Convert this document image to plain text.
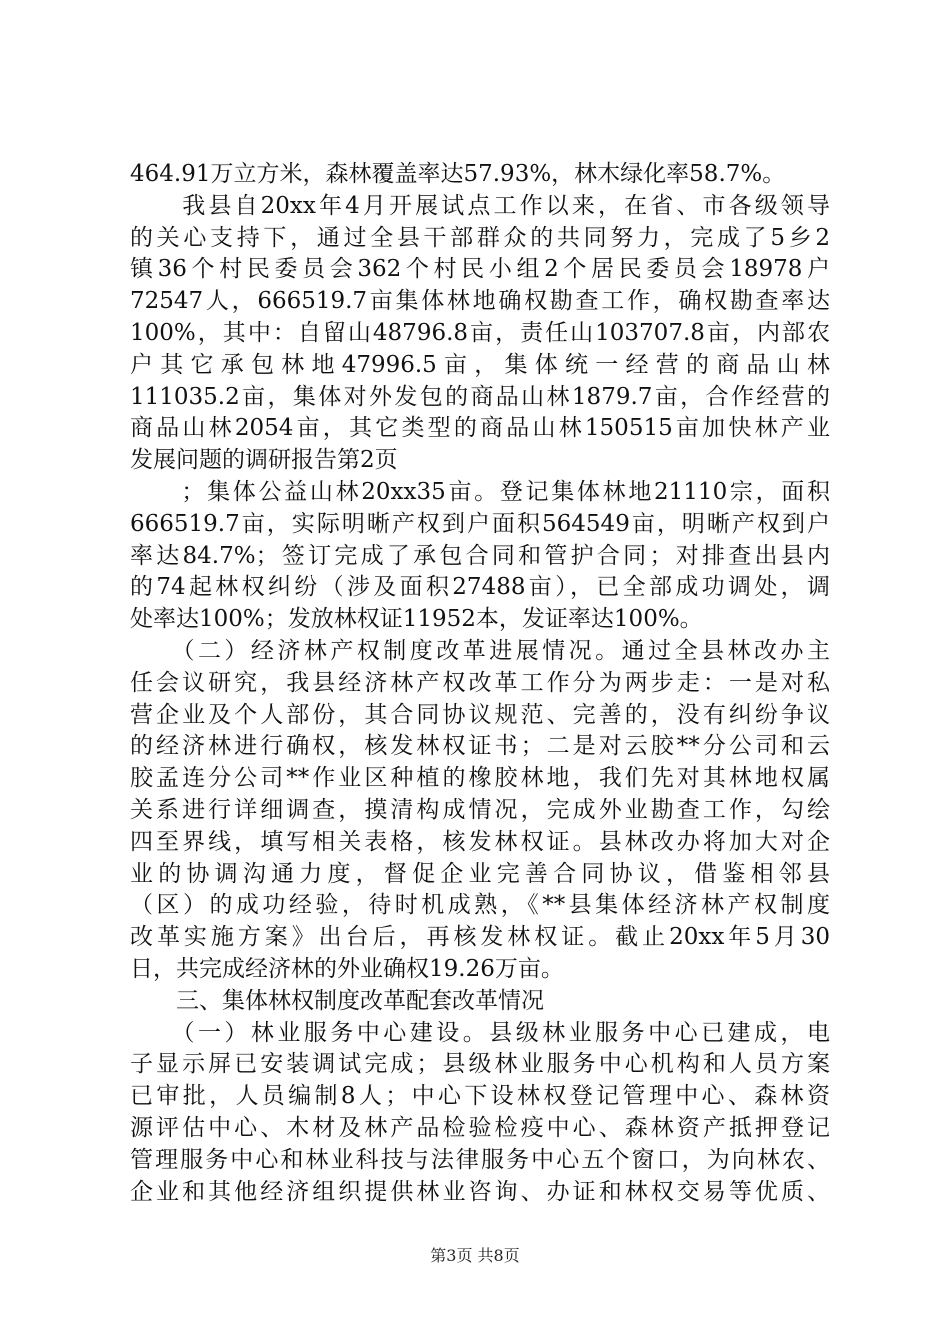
464.91万立方米，森林覆盖率达57.93%，林木绿化率58.7%。
　　我县自20xx年4月开展试点工作以来，在省、市各级领导
的关心支持下，通过全县干部群众的共同努力，完成了5乡2
镇36个村民委员会362个村民小组2个居民委员会18978户
72547人，666519.7亩集体林地确权勘查工作，确权勘查率达
100%，其中：自留山48796.8亩，责任山103707.8亩，内部农
户其它承包林地47996.5亩，集体统一经营的商品山林
111035.2亩，集体对外发包的商品山林1879.7亩，合作经营的
商品山林2054亩，其它类型的商品山林150515亩加快林产业
发展问题的调研报告第2页
　　；集体公益山林20xx35亩。登记集体林地21110宗，面积
666519.7亩，实际明晰产权到户面积564549亩，明晰产权到户
率达84.7%；签订完成了承包合同和管护合同；对排查出县内
的74起林权纠纷（涉及面积27488亩），已全部成功调处，调
处率达100%；发放林权证11952本，发证率达100%。
　　（二）经济林产权制度改革进展情况。通过全县林改办主
任会议研究，我县经济林产权改革工作分为两步走：一是对私
营企业及个人部份，其合同协议规范、完善的，没有纠纷争议
的经济林进行确权，核发林权证书；二是对云胶**分公司和云
胶孟连分公司**作业区种植的橡胶林地，我们先对其林地权属
关系进行详细调查，摸清构成情况，完成外业勘查工作，勾绘
四至界线，填写相关表格，核发林权证。县林改办将加大对企
业的协调沟通力度，督促企业完善合同协议，借鉴相邻县
（区）的成功经验，待时机成熟，《**县集体经济林产权制度
改革实施方案》出台后，再核发林权证。截止20xx年5月30
日，共完成经济林的外业确权19.26万亩。
　　三、集体林权制度改革配套改革情况
　　（一）林业服务中心建设。县级林业服务中心已建成，电
子显示屏已安装调试完成；县级林业服务中心机构和人员方案
已审批，人员编制8人；中心下设林权登记管理中心、森林资
源评估中心、木材及林产品检验检疫中心、森林资产抵押登记
管理服务中心和林业科技与法律服务中心五个窗口，为向林农、
企业和其他经济组织提供林业咨询、办证和林权交易等优质、
第3页 共8页
